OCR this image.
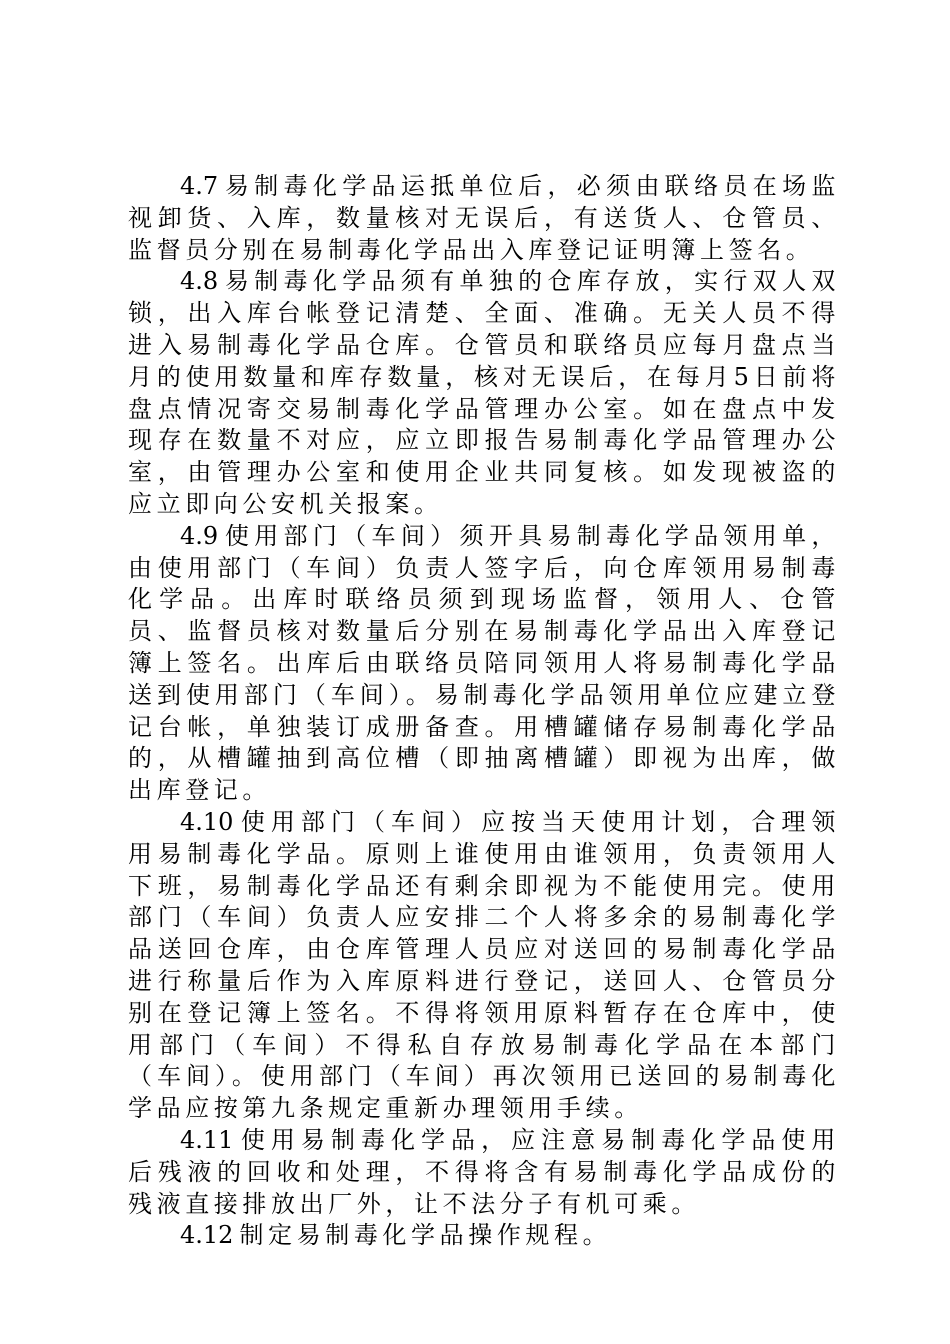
4.7 易制毒化学品运抵单位后，必须由联络员在场监视卸货、入库，数量核对无误后，有送货人、仓管员、监督员分别在易制毒化学品出入库登记证明簿上签名。

4.8 易制毒化学品须有单独的仓库存放，实行双人双锁，出入库台帐登记清楚、全面、准确。无关人员不得进入易制毒化学品仓库。仓管员和联络员应每月盘点当月的使用数量和库存数量，核对无误后，在每月5日前将盘点情况寄交易制毒化学品管理办公室。如在盘点中发现存在数量不对应，应立即报告易制毒化学品管理办公室，由管理办公室和使用企业共同复核。如发现被盗的应立即向公安机关报案。

4.9 使用部门（车间）须开具易制毒化学品领用单，由使用部门（车间）负责人签字后，向仓库领用易制毒化学品。出库时联络员须到现场监督，领用人、仓管员、监督员核对数量后分别在易制毒化学品出入库登记簿上签名。出库后由联络员陪同领用人将易制毒化学品送到使用部门（车间）。易制毒化学品领用单位应建立登记台帐，单独装订成册备查。用槽罐储存易制毒化学品的，从槽罐抽到高位槽（即抽离槽罐）即视为出库，做出库登记。

4.10 使用部门（车间）应按当天使用计划，合理领用易制毒化学品。原则上谁使用由谁领用，负责领用人下班，易制毒化学品还有剩余即视为不能使用完。使用部门（车间）负责人应安排二个人将多余的易制毒化学品送回仓库，由仓库管理人员应对送回的易制毒化学品进行称量后作为入库原料进行登记，送回人、仓管员分别在登记簿上签名。不得将领用原料暂存在仓库中，使用部门（车间）不得私自存放易制毒化学品在本部门（车间）。使用部门（车间）再次领用已送回的易制毒化学品应按第九条规定重新办理领用手续。

4.11 使用易制毒化学品，应注意易制毒化学品使用后残液的回收和处理，不得将含有易制毒化学品成份的残液直接排放出厂外，让不法分子有机可乘。

4.12 制定易制毒化学品操作规程。
